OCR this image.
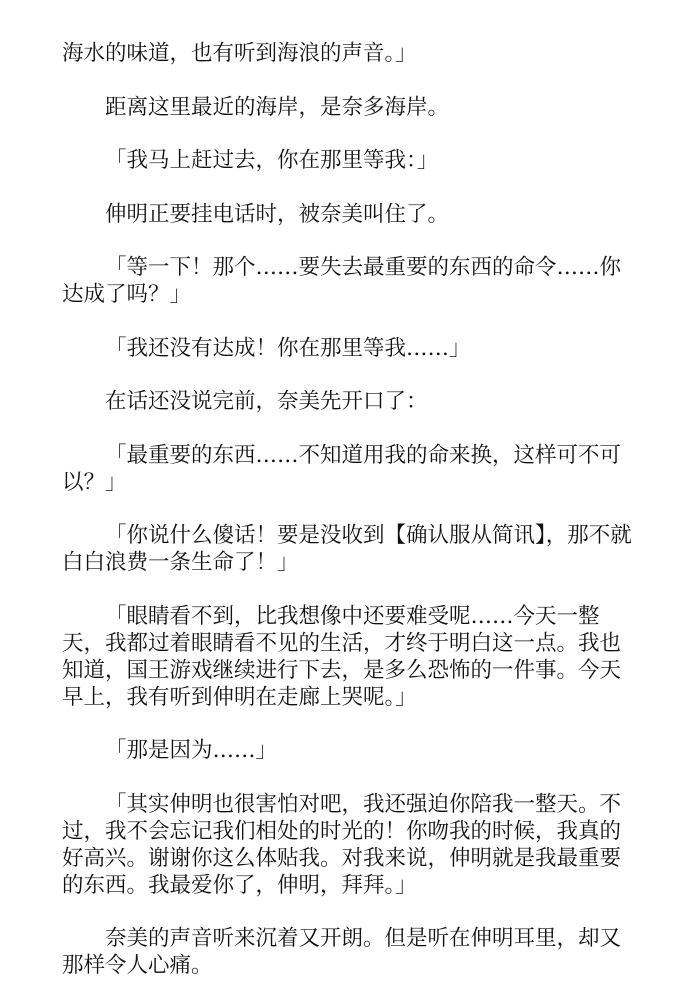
海水的味道，也有听到海浪的声音。」

距离这里最近的海岸，是奈多海岸。

「我马上赶过去，你在那里等我：」

伸明正要挂电话时，被奈美叫住了。

「等一下！那个……要失去最重要的东西的命令……你达成了吗？」

「我还没有达成！你在那里等我……」

在话还没说完前，奈美先开口了：

「最重要的东西……不知道用我的命来换，这样可不可以？」

「你说什么傻话！要是没收到【确认服从简讯】，那不就白白浪费一条生命了！」

「眼睛看不到，比我想像中还要难受呢……今天一整天，我都过着眼睛看不见的生活，才终于明白这一点。我也知道，国王游戏继续进行下去，是多么恐怖的一件事。今天早上，我有听到伸明在走廊上哭呢。」

「那是因为……」

「其实伸明也很害怕对吧，我还强迫你陪我一整天。不过，我不会忘记我们相处的时光的！你吻我的时候，我真的好高兴。谢谢你这么体贴我。对我来说，伸明就是我最重要的东西。我最爱你了，伸明，拜拜。」

奈美的声音听来沉着又开朗。但是听在伸明耳里，却又那样令人心痛。
